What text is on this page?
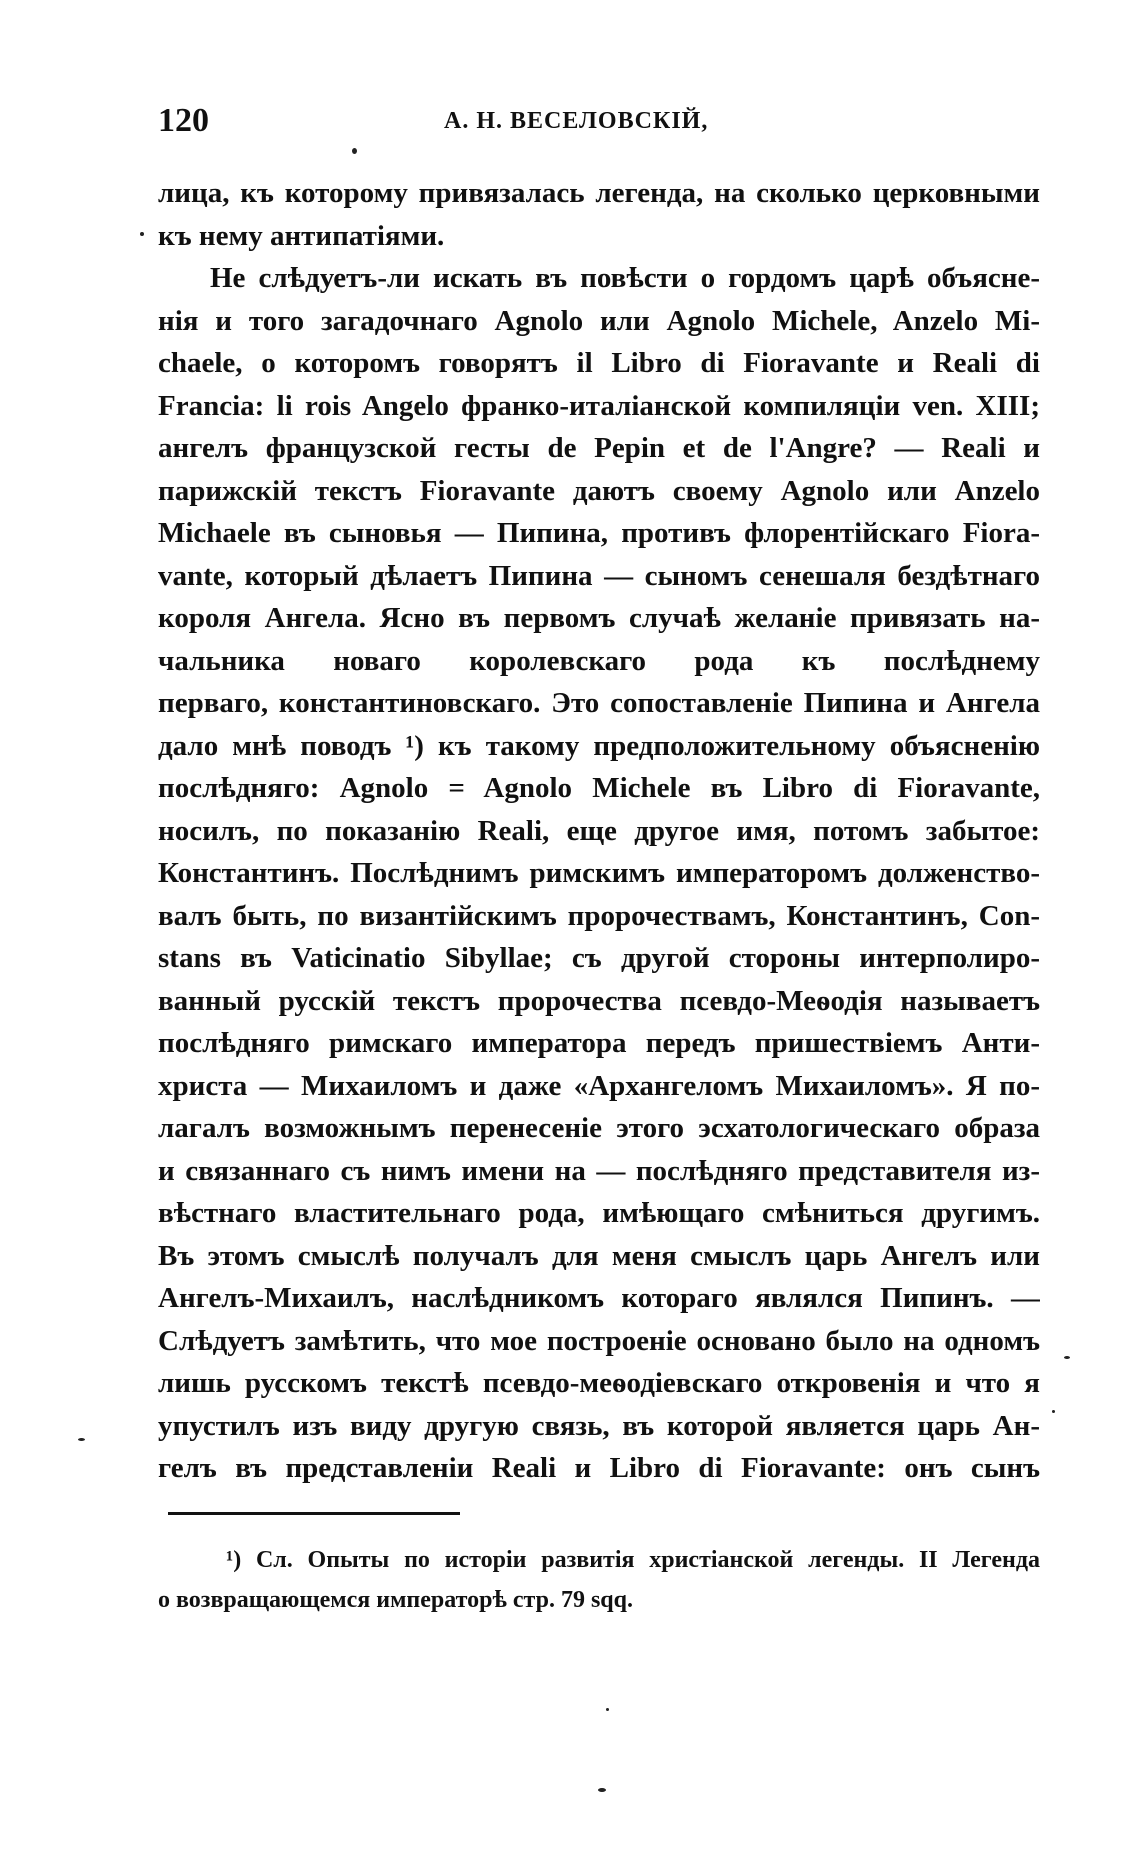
120	А. Н. ВЕСЕЛОВСКІЙ,
лица, къ которому привязалась легенда, на сколько церковными
къ нему антипатіями.
Не слѣдуетъ-ли искать въ повѣсти о гордомъ царѣ объясне-
нія и того загадочнаго Agnolo или Agnolo Michele, Anzelo Mi-
chaele, о которомъ говорятъ il Libro di Fioravante и Reali di
Francia: li rois Angelo франко-италіанской компиляціи ven. XIII;
ангелъ французской гесты de Pepin et de l'Angre? — Reali и
парижскій текстъ Fioravante даютъ своему Agnolo или Anzelo
Michaele въ сыновья — Пипина, противъ флорентійскаго Fiora-
vante, который дѣлаетъ Пипина — сыномъ сенешаля бездѣтнаго
короля Ангела. Ясно въ первомъ случаѣ желаніе привязать на-
чальника новаго королевскаго рода къ послѣднему
перваго, константиновскаго. Это сопоставленіе Пипина и Ангела
дало мнѣ поводъ ¹) къ такому предположительному объясненію
послѣдняго: Agnolo = Agnolo Michele въ Libro di Fioravante,
носилъ, по показанію Reali, еще другое имя, потомъ забытое:
Константинъ. Послѣднимъ римскимъ императоромъ долженство-
валъ быть, по византійскимъ пророчествамъ, Константинъ, Con-
stans въ Vaticinatio Sibyllae; съ другой стороны интерполиро-
ванный русскій текстъ пророчества псевдо-Меѳодія называетъ
послѣдняго римскаго императора передъ пришествіемъ Анти-
христа — Михаиломъ и даже «Архангеломъ Михаиломъ». Я по-
лагалъ возможнымъ перенесеніе этого эсхатологическаго образа
и связаннаго съ нимъ имени на — послѣдняго представителя из-
вѣстнаго властительнаго рода, имѣющаго смѣниться другимъ.
Въ этомъ смыслѣ получалъ для меня смыслъ царь Ангелъ или
Ангелъ-Михаилъ, наслѣдникомъ котораго являлся Пипинъ. —
Слѣдуетъ замѣтить, что мое построеніе основано было на одномъ
лишь русскомъ текстѣ псевдо-меѳодіевскаго откровенія и что я
упустилъ изъ виду другую связь, въ которой является царь Ан-
гелъ въ представленіи Reali и Libro di Fioravante: онъ сынъ
¹) Сл. Опыты по исторіи развитія христіанской легенды. II Легенда
о возвращающемся императорѣ стр. 79 sqq.
